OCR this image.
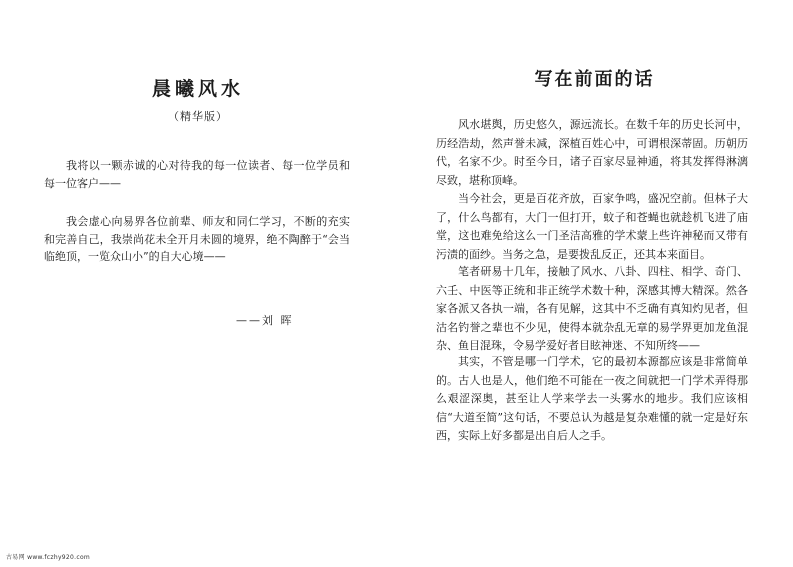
晨曦风水
（精华版）

我将以一颗赤诚的心对待我的每一位读者、每一位学员和每一位客户——

我会虚心向易界各位前辈、师友和同仁学习，不断的充实和完善自己，我崇尚花未全开月未圆的境界，绝不陶醉于“会当临绝顶，一览众山小”的自大心境——

——刘 晖
写在前面的话

风水堪舆，历史悠久，源远流长。在数千年的历史长河中，历经浩劫，然声誉未减，深植百姓心中，可谓根深蒂固。历朝历代，名家不少。时至今日，诸子百家尽显神通，将其发挥得淋漓尽致，堪称顶峰。

当今社会，更是百花齐放，百家争鸣，盛况空前。但林子大了，什么鸟都有，大门一但打开，蚊子和苍蝇也就趁机飞进了庙堂，这也难免给这么一门圣洁高雅的学术蒙上些许神秘而又带有污渍的面纱。当务之急，是要拨乱反正，还其本来面目。

笔者研易十几年，接触了风水、八卦、四柱、相学、奇门、六壬、中医等正统和非正统学术数十种，深感其博大精深。然各家各派又各执一端，各有见解，这其中不乏确有真知灼见者，但沽名钓誉之辈也不少见，使得本就杂乱无章的易学界更加龙鱼混杂、鱼目混珠，令易学爱好者目眩神迷、不知所终——

其实，不管是哪一门学术，它的最初本源都应该是非常简单的。古人也是人，他们绝不可能在一夜之间就把一门学术弄得那么艰涩深奥，甚至让人学来学去一头雾水的地步。我们应该相信“大道至简”这句话，不要总认为越是复杂难懂的就一定是好东西，实际上好多都是出自后人之手。

古易网 www.fczhy920.com
